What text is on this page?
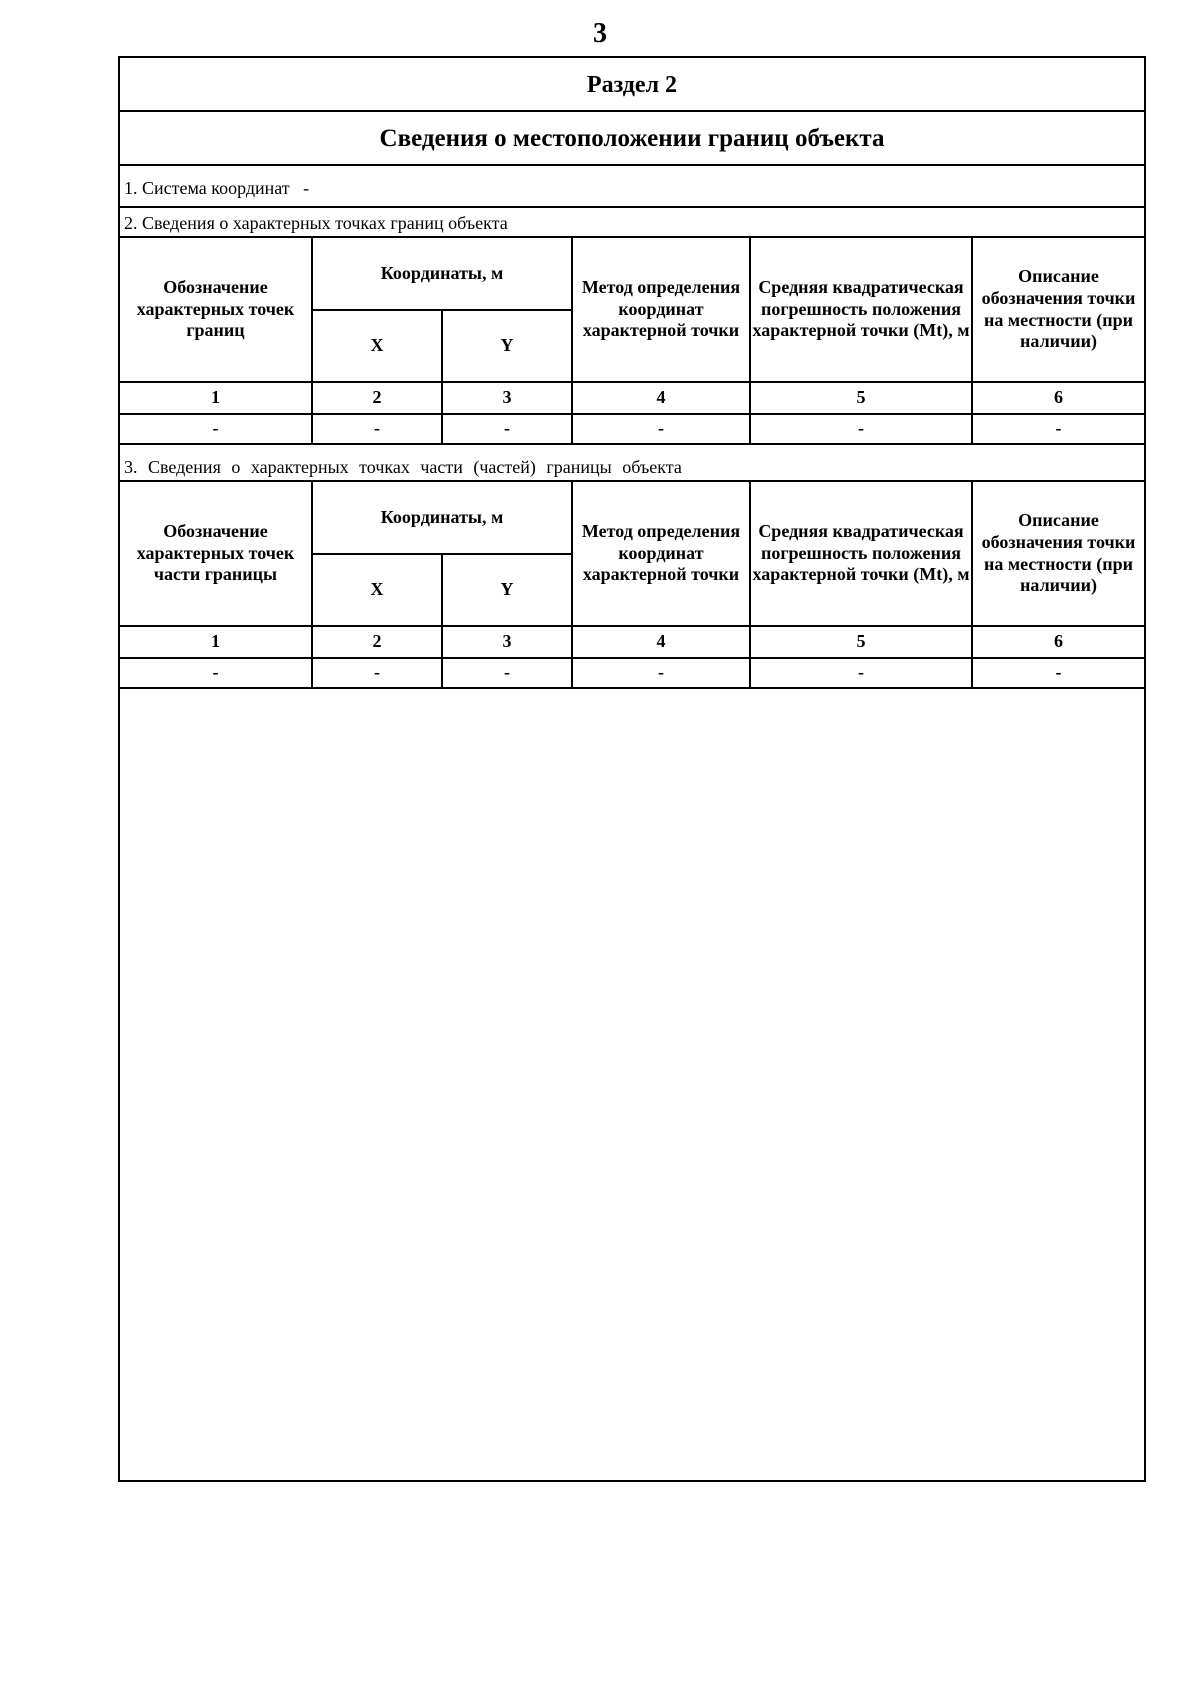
3
Раздел 2
Сведения о местоположении границ объекта
1. Система координат -
2. Сведения о характерных точках границ объекта
Обозначение характерных точек границ	Координаты, м		Метод определения координат характерной точки	Средняя квадратическая погрешность положения характерной точки (Mt), м	Описание обозначения точки на местности (при наличии)
	X	Y			
1	2	3	4	5	6
-	-	-	-	-	-
3. Сведения о характерных точках части (частей) границы объекта
Обозначение характерных точек части границы	Координаты, м		Метод определения координат характерной точки	Средняя квадратическая погрешность положения характерной точки (Mt), м	Описание обозначения точки на местности (при наличии)
	X	Y			
1	2	3	4	5	6
-	-	-	-	-	-
